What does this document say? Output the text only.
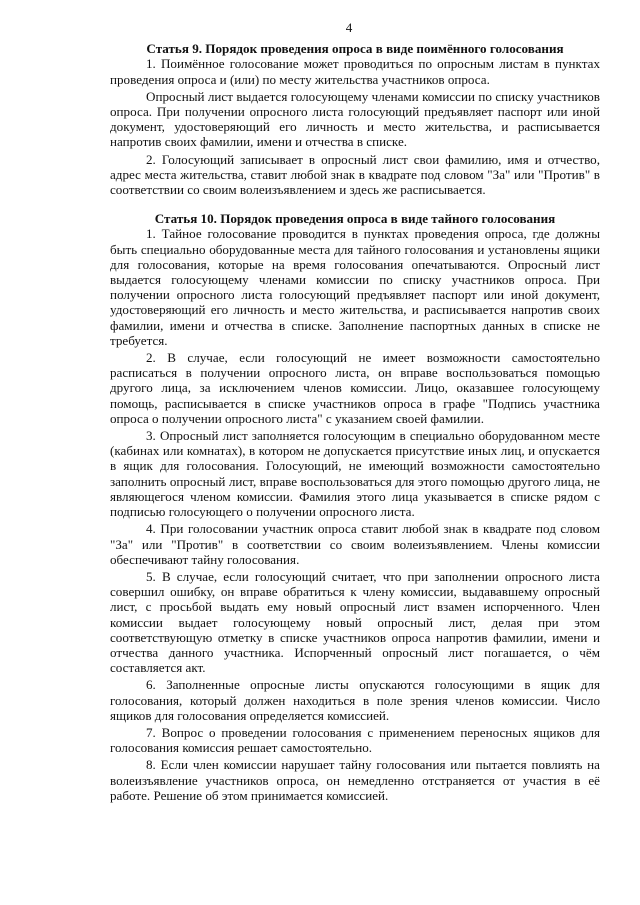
4

Статья 9. Порядок проведения опроса в виде поимённого голосования

1. Поимённое голосование может проводиться по опросным листам в пунктах проведения опроса и (или) по месту жительства участников опроса.

Опросный лист выдается голосующему членами комиссии по списку участников опроса. При получении опросного листа голосующий предъявляет паспорт или иной документ, удостоверяющий его личность и место жительства, и расписывается напротив своих фамилии, имени и отчества в списке.

2. Голосующий записывает в опросный лист свои фамилию, имя и отчество, адрес места жительства, ставит любой знак в квадрате под словом "За" или "Против" в соответствии со своим волеизъявлением и здесь же расписывается.

Статья 10. Порядок проведения опроса в виде тайного голосования

1. Тайное голосование проводится в пунктах проведения опроса, где должны быть специально оборудованные места для тайного голосования и установлены ящики для голосования, которые на время голосования опечатываются. Опросный лист выдается голосующему членами комиссии по списку участников опроса. При получении опросного листа голосующий предъявляет паспорт или иной документ, удостоверяющий его личность и место жительства, и расписывается напротив своих фамилии, имени и отчества в списке. Заполнение паспортных данных в списке не требуется.

2. В случае, если голосующий не имеет возможности самостоятельно расписаться в получении опросного листа, он вправе воспользоваться помощью другого лица, за исключением членов комиссии. Лицо, оказавшее голосующему помощь, расписывается в списке участников опроса в графе "Подпись участника опроса о получении опросного листа" с указанием своей фамилии.

3. Опросный лист заполняется голосующим в специально оборудованном месте (кабинах или комнатах), в котором не допускается присутствие иных лиц, и опускается в ящик для голосования. Голосующий, не имеющий возможности самостоятельно заполнить опросный лист, вправе воспользоваться для этого помощью другого лица, не являющегося членом комиссии. Фамилия этого лица указывается в списке рядом с подписью голосующего о получении опросного листа.

4. При голосовании участник опроса ставит любой знак в квадрате под словом "За" или "Против" в соответствии со своим волеизъявлением. Члены комиссии обеспечивают тайну голосования.

5. В случае, если голосующий считает, что при заполнении опросного листа совершил ошибку, он вправе обратиться к члену комиссии, выдававшему опросный лист, с просьбой выдать ему новый опросный лист взамен испорченного. Член комиссии выдает голосующему новый опросный лист, делая при этом соответствующую отметку в списке участников опроса напротив фамилии, имени и отчества данного участника. Испорченный опросный лист погашается, о чём составляется акт.

6. Заполненные опросные листы опускаются голосующими в ящик для голосования, который должен находиться в поле зрения членов комиссии. Число ящиков для голосования определяется комиссией.

7. Вопрос о проведении голосования с применением переносных ящиков для голосования комиссия решает самостоятельно.

8. Если член комиссии нарушает тайну голосования или пытается повлиять на волеизъявление участников опроса, он немедленно отстраняется от участия в её работе. Решение об этом принимается комиссией.
